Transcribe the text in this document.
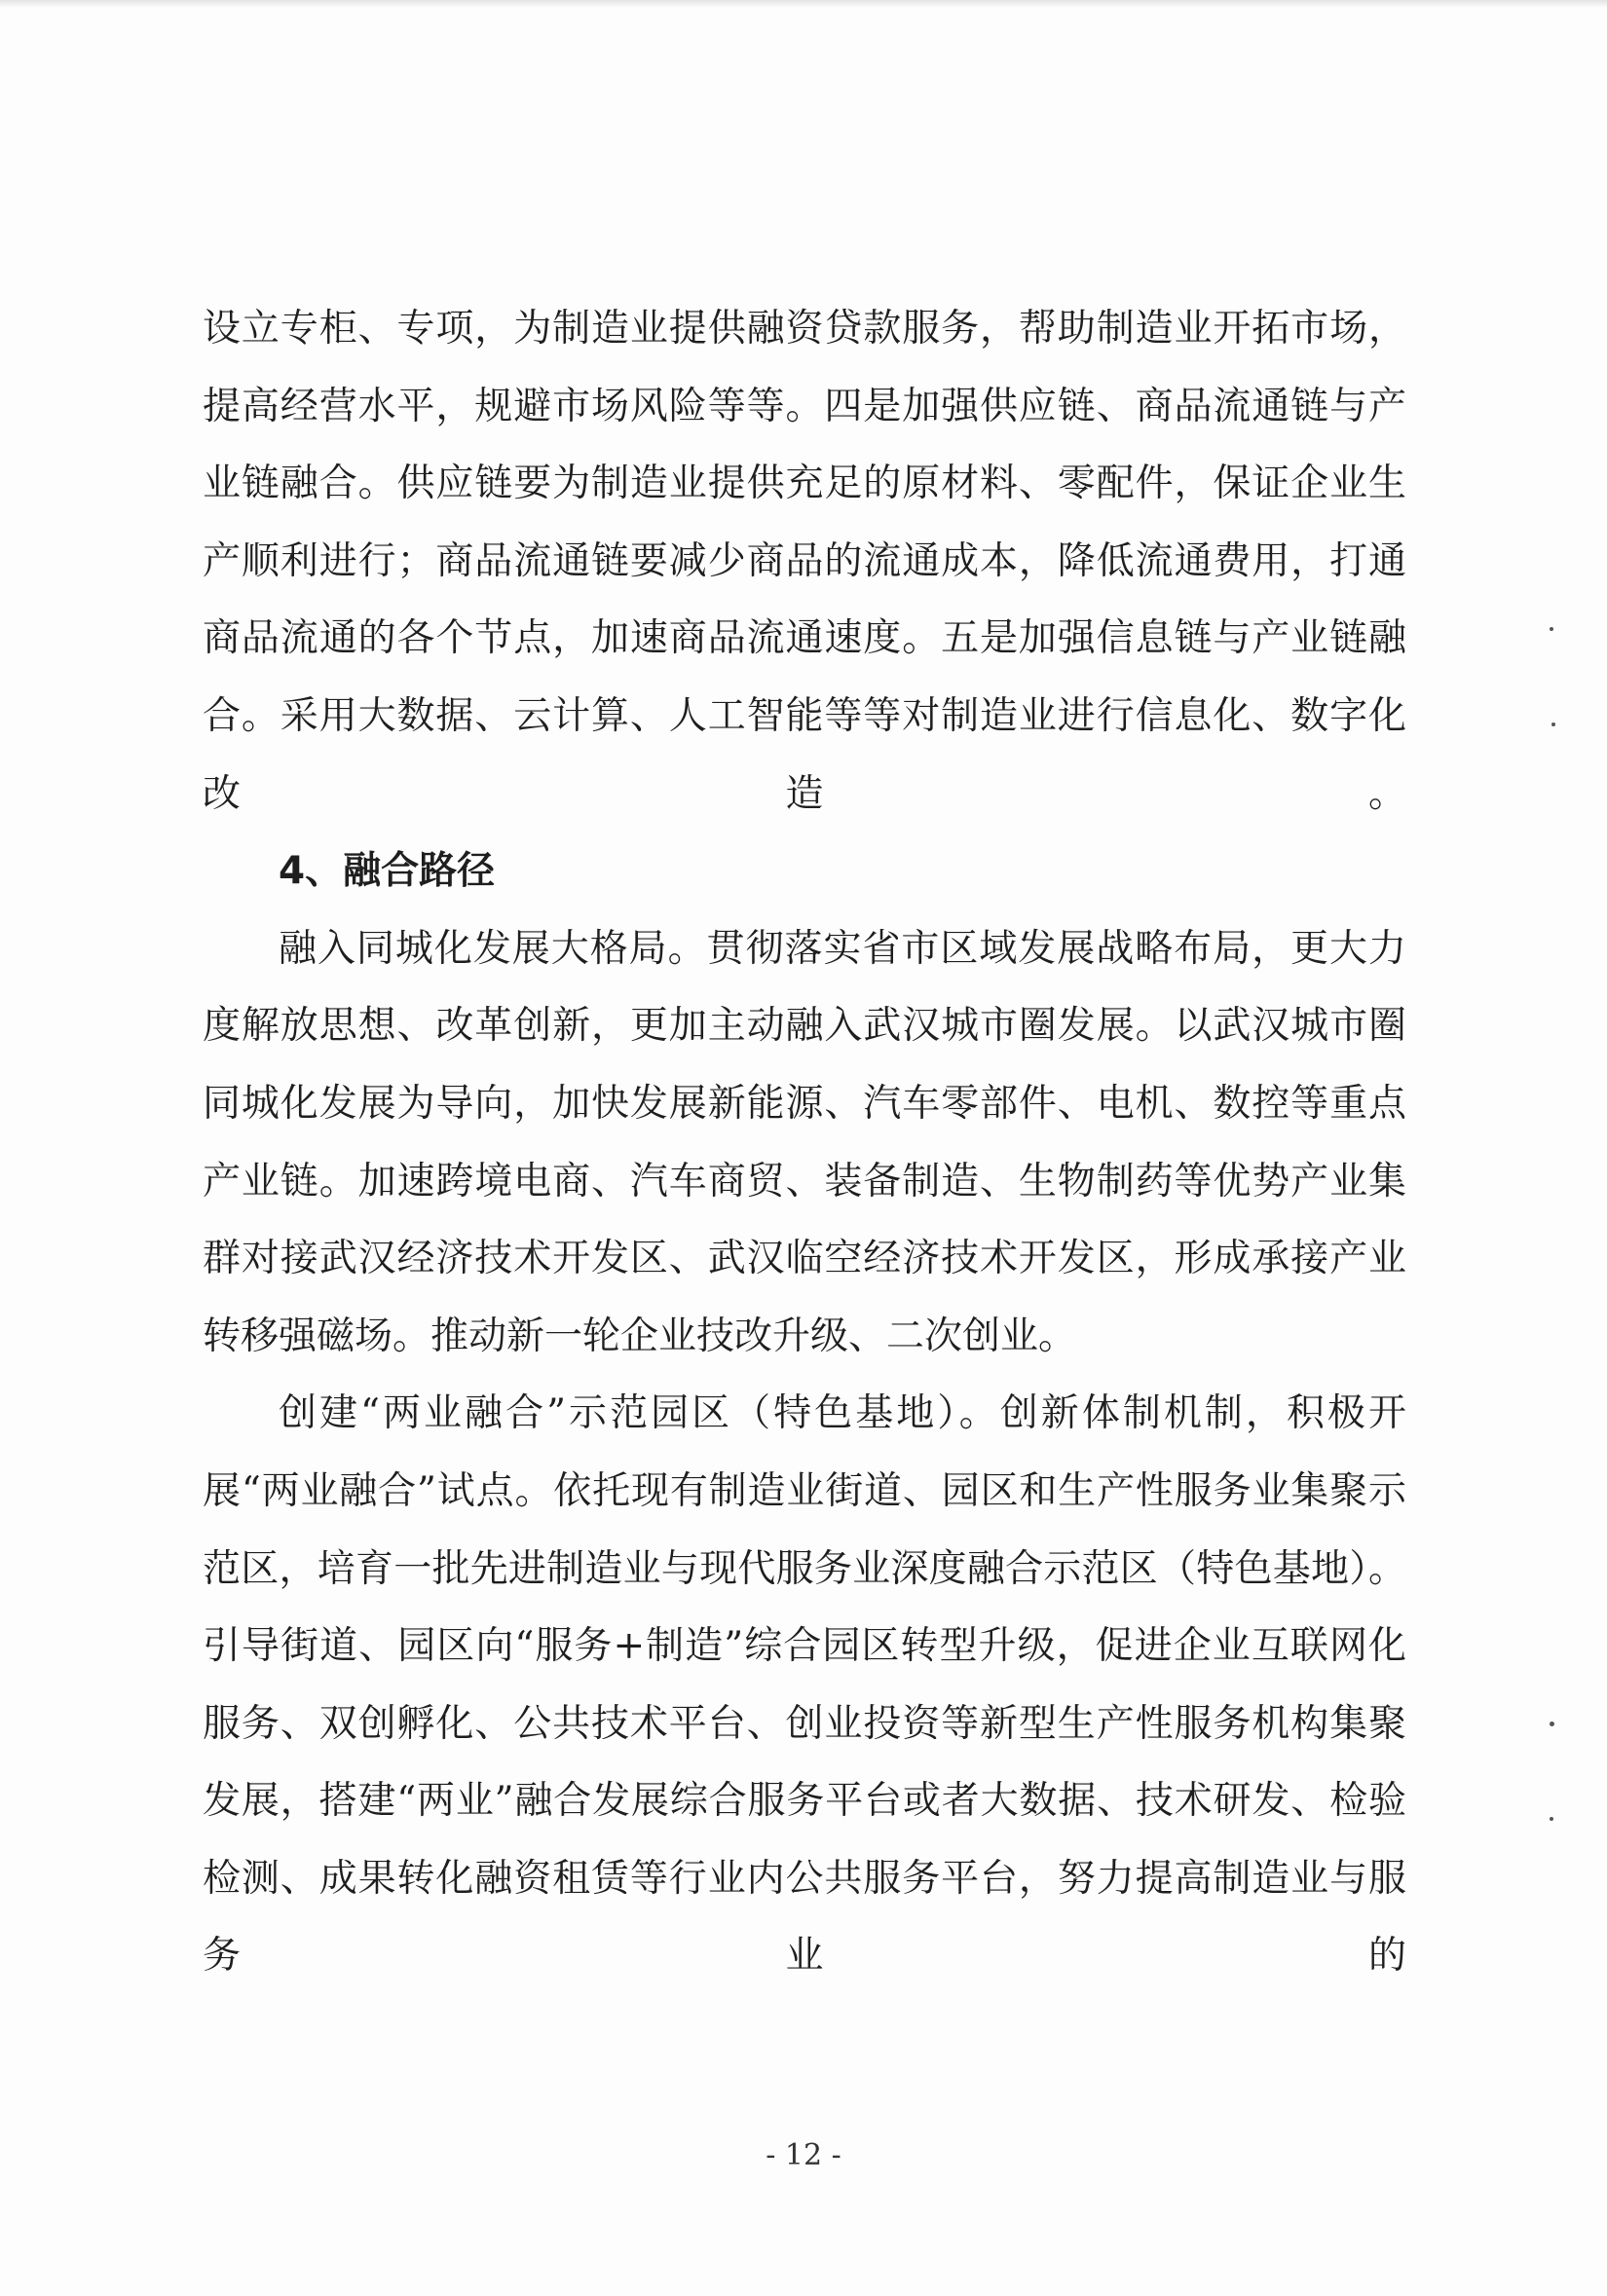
设立专柜、专项，为制造业提供融资贷款服务，帮助制造业开拓市场，提高经营水平，规避市场风险等等。四是加强供应链、商品流通链与产业链融合。供应链要为制造业提供充足的原材料、零配件，保证企业生产顺利进行；商品流通链要减少商品的流通成本，降低流通费用，打通商品流通的各个节点，加速商品流通速度。五是加强信息链与产业链融合。采用大数据、云计算、人工智能等等对制造业进行信息化、数字化改造。

4、融合路径

融入同城化发展大格局。贯彻落实省市区域发展战略布局，更大力度解放思想、改革创新，更加主动融入武汉城市圈发展。以武汉城市圈同城化发展为导向，加快发展新能源、汽车零部件、电机、数控等重点产业链。加速跨境电商、汽车商贸、装备制造、生物制药等优势产业集群对接武汉经济技术开发区、武汉临空经济技术开发区，形成承接产业转移强磁场。推动新一轮企业技改升级、二次创业。

创建“两业融合”示范园区（特色基地）。创新体制机制，积极开展“两业融合”试点。依托现有制造业街道、园区和生产性服务业集聚示范区，培育一批先进制造业与现代服务业深度融合示范区（特色基地）。引导街道、园区向“服务+制造”综合园区转型升级，促进企业互联网化服务、双创孵化、公共技术平台、创业投资等新型生产性服务机构集聚发展，搭建“两业”融合发展综合服务平台或者大数据、技术研发、检验检测、成果转化融资租赁等行业内公共服务平台，努力提高制造业与服务业的

- 12 -
